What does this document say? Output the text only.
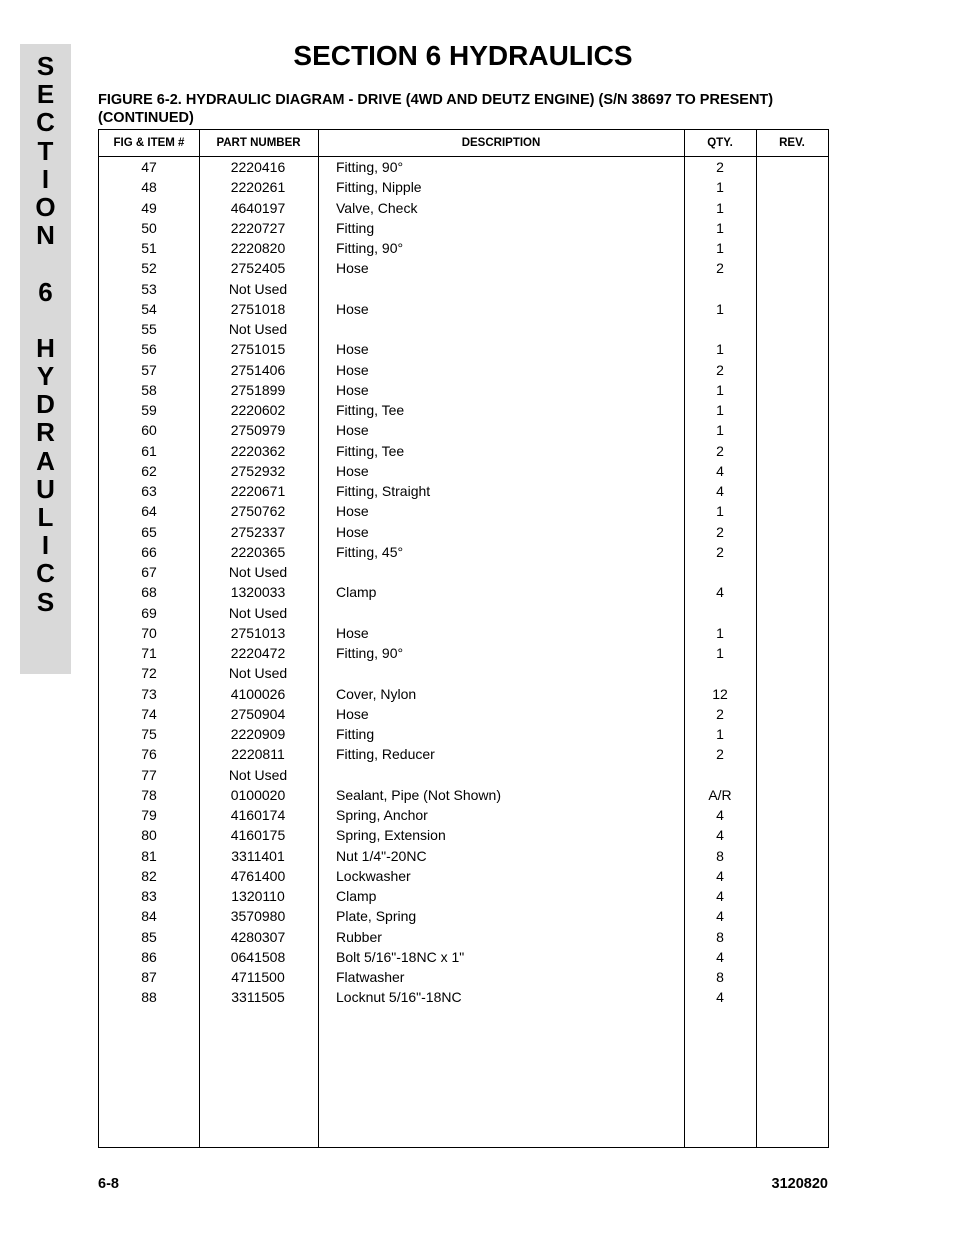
S
E
C
T
I
O
N
6
H
Y
D
R
A
U
L
I
C
S
SECTION 6 HYDRAULICS
FIGURE 6-2. HYDRAULIC DIAGRAM - DRIVE (4WD AND DEUTZ ENGINE) (S/N 38697 TO PRESENT) (CONTINUED)
FIG & ITEM #	PART NUMBER	DESCRIPTION	QTY.	REV.
47	2220416	Fitting, 90°	2
48	2220261	Fitting, Nipple	1
49	4640197	Valve, Check	1
50	2220727	Fitting	1
51	2220820	Fitting, 90°	1
52	2752405	Hose	2
53	Not Used
54	2751018	Hose	1
55	Not Used
56	2751015	Hose	1
57	2751406	Hose	2
58	2751899	Hose	1
59	2220602	Fitting, Tee	1
60	2750979	Hose	1
61	2220362	Fitting, Tee	2
62	2752932	Hose	4
63	2220671	Fitting, Straight	4
64	2750762	Hose	1
65	2752337	Hose	2
66	2220365	Fitting, 45°	2
67	Not Used
68	1320033	Clamp	4
69	Not Used
70	2751013	Hose	1
71	2220472	Fitting, 90°	1
72	Not Used
73	4100026	Cover, Nylon	12
74	2750904	Hose	2
75	2220909	Fitting	1
76	2220811	Fitting, Reducer	2
77	Not Used
78	0100020	Sealant, Pipe (Not Shown)	A/R
79	4160174	Spring, Anchor	4
80	4160175	Spring, Extension	4
81	3311401	Nut 1/4"-20NC	8
82	4761400	Lockwasher	4
83	1320110	Clamp	4
84	3570980	Plate, Spring	4
85	4280307	Rubber	8
86	0641508	Bolt 5/16"-18NC x 1"	4
87	4711500	Flatwasher	8
88	3311505	Locknut 5/16"-18NC	4
6-8	3120820
